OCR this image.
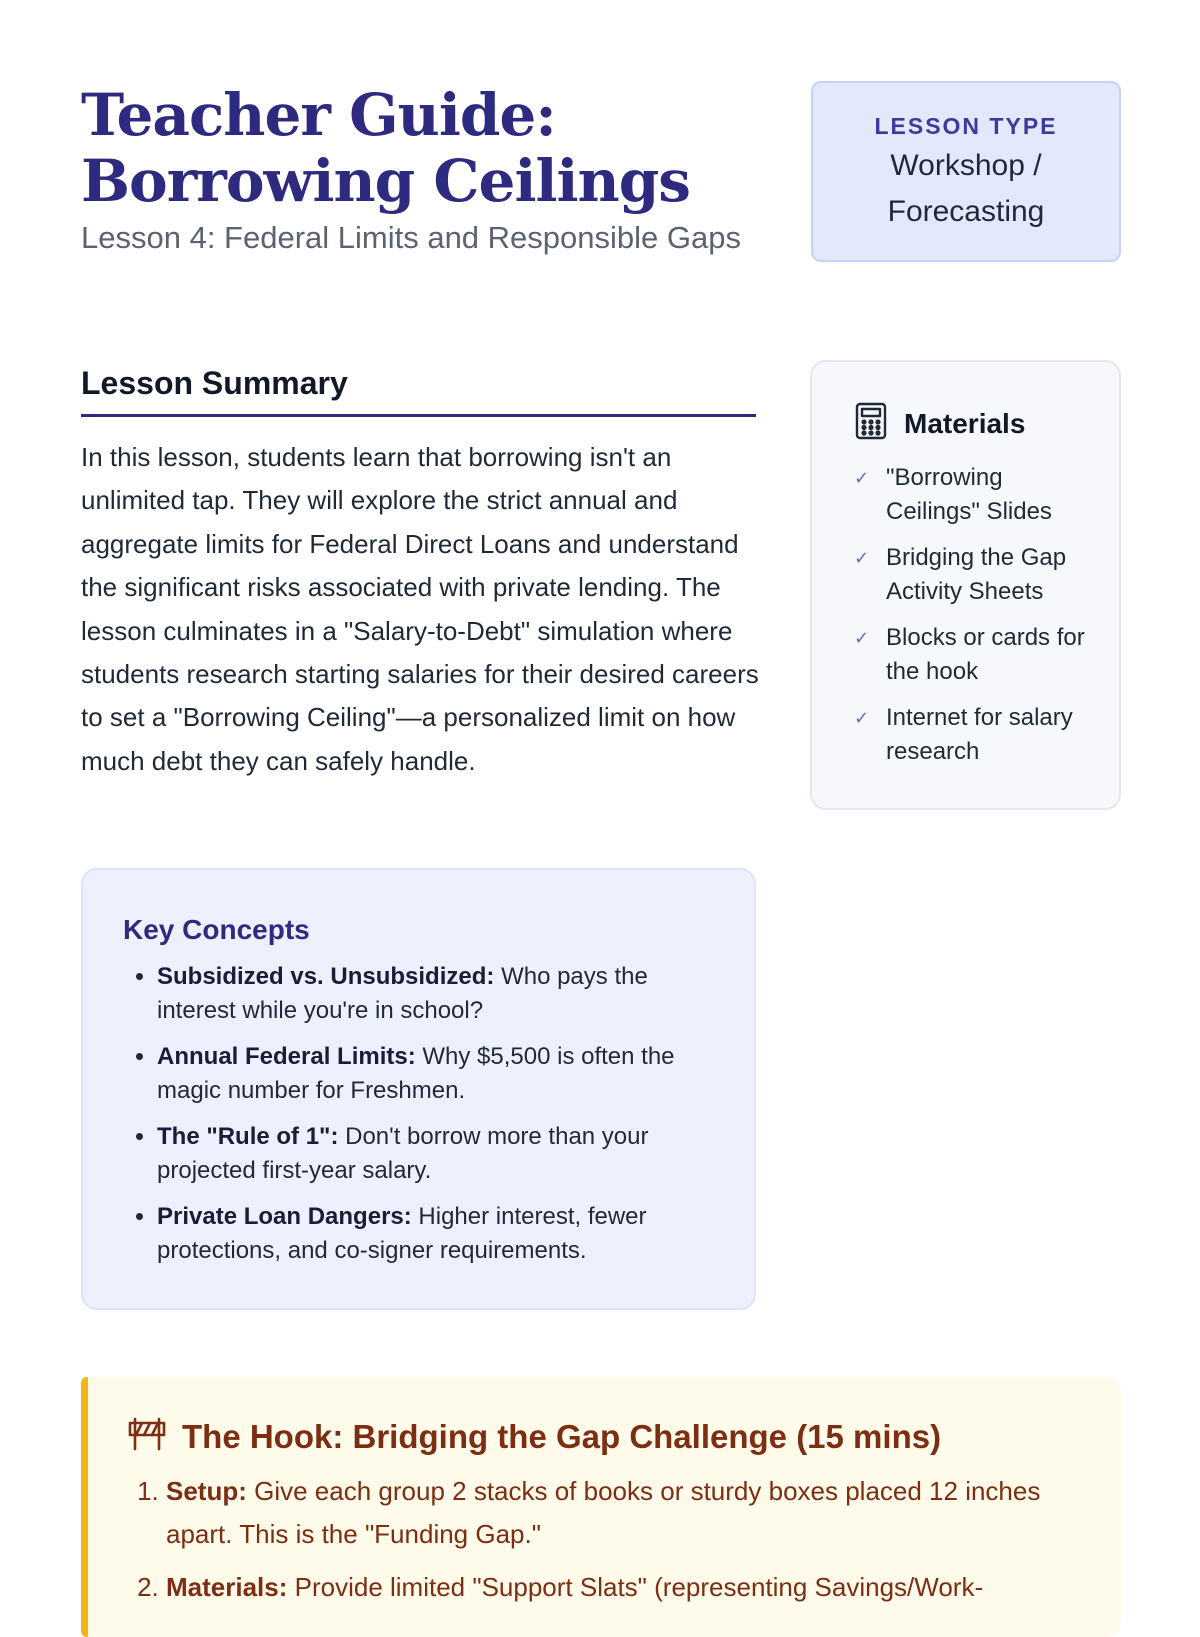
Teacher Guide:
Borrowing Ceilings
Lesson 4: Federal Limits and Responsible Gaps
LESSON TYPE
Workshop /
Forecasting
Lesson Summary

In this lesson, students learn that borrowing isn't an unlimited tap. They will explore the strict annual and aggregate limits for Federal Direct Loans and understand the significant risks associated with private lending. The lesson culminates in a "Salary-to-Debt" simulation where students research starting salaries for their desired careers to set a "Borrowing Ceiling"—a personalized limit on how much debt they can safely handle.

Materials
✓ "Borrowing Ceilings" Slides
✓ Bridging the Gap Activity Sheets
✓ Blocks or cards for the hook
✓ Internet for salary research
Key Concepts
• Subsidized vs. Unsubsidized: Who pays the interest while you're in school?
• Annual Federal Limits: Why $5,500 is often the magic number for Freshmen.
• The "Rule of 1": Don't borrow more than your projected first-year salary.
• Private Loan Dangers: Higher interest, fewer protections, and co-signer requirements.
The Hook: Bridging the Gap Challenge (15 mins)
1. Setup: Give each group 2 stacks of books or sturdy boxes placed 12 inches apart. This is the "Funding Gap."
2. Materials: Provide limited "Support Slats" (representing Savings/Work-
